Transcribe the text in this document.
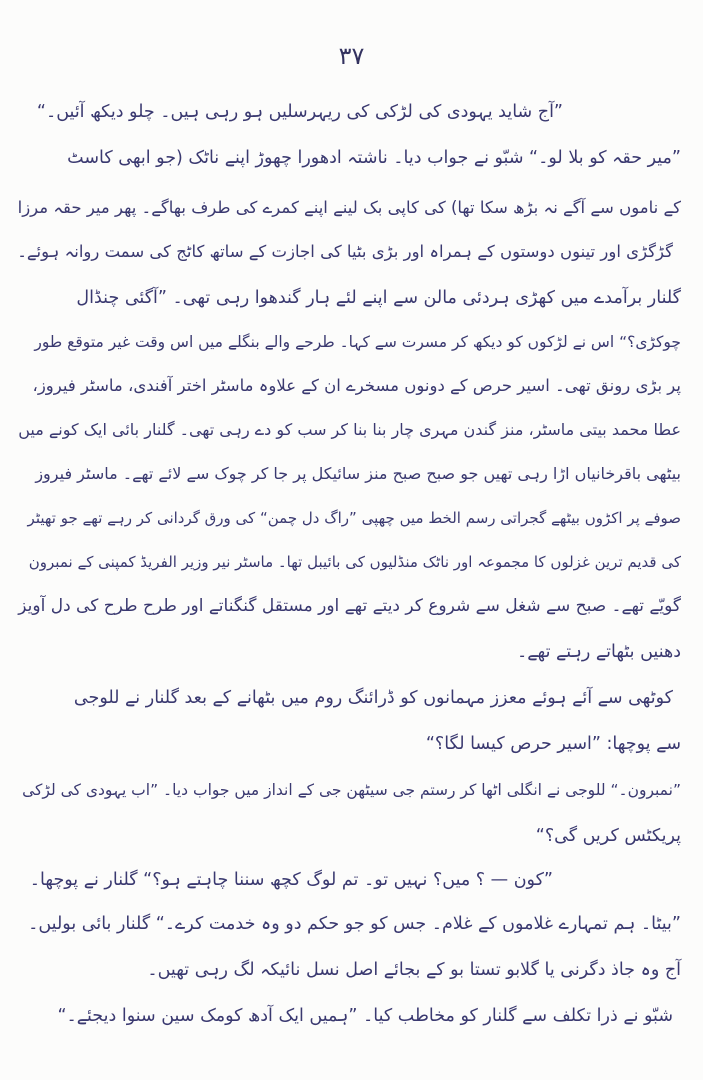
۳۷
”آج شاید یہودی کی لڑکی کی ریہرسلیں ہو رہی ہیں۔ چلو دیکھ آئیں۔“
”میر حقہ کو بلا لو۔“ شبّو نے جواب دیا۔ ناشتہ ادھورا چھوڑ اپنے ناٹک (جو ابھی کاسٹ
کے ناموں سے آگے نہ بڑھ سکا تھا) کی کاپی بک لینے اپنے کمرے کی طرف بھاگے۔ پھر میر حقہ مرزا
گڑگڑی اور تینوں دوستوں کے ہمراہ اور بڑی بٹیا کی اجازت کے ساتھ کاٹج کی سمت روانہ ہوئے۔
گلنار برآمدے میں کھڑی ہردئی مالن سے اپنے لئے ہار گندھوا رہی تھی۔ ”آگئی چنڈال
چوکڑی؟“ اس نے لڑکوں کو دیکھ کر مسرت سے کہا۔ طرحے والے بنگلے میں اس وقت غیر متوقع طور
پر بڑی رونق تھی۔ اسیر حرص کے دونوں مسخرے ان کے علاوہ ماسٹر اختر آفندی، ماسٹر فیروز،
عطا محمد بیتی ماسٹر، منز گندن مہری چار بنا بنا کر سب کو دے رہی تھی۔ گلنار بائی ایک کونے میں
بیٹھی باقرخانیاں اڑا رہی تھیں جو صبح صبح منز سائیکل پر جا کر چوک سے لائے تھے۔ ماسٹر فیروز
صوفے پر اکڑوں بیٹھے گجراتی رسم الخط میں چھپی ”راگ دل چمن“ کی ورق گردانی کر رہے تھے جو تھیٹر
کی قدیم ترین غزلوں کا مجموعہ اور ناٹک منڈلیوں کی بائیبل تھا۔ ماسٹر نیر وزیر الفریڈ کمپنی کے نمبرون
گویّے تھے۔ صبح سے شغل سے شروع کر دیتے تھے اور مستقل گنگناتے اور طرح طرح کی دل آویز
دھنیں بٹھاتے رہتے تھے۔
کوٹھی سے آئے ہوئے معزز مہمانوں کو ڈرائنگ روم میں بٹھانے کے بعد گلنار نے للوجی
سے پوچھا: ”اسیر حرص کیسا لگا؟“
”نمبرون۔“ للوجی نے انگلی اٹھا کر رستم جی سیٹھن جی کے انداز میں جواب دیا۔ ”اب یہودی کی لڑکی
پریکٹس کریں گی؟“
”کون — ؟ میں؟ نہیں تو۔ تم لوگ کچھ سننا چاہتے ہو؟“ گلنار نے پوچھا۔
”بیٹا۔ ہم تمہارے غلاموں کے غلام۔ جس کو جو حکم دو وہ خدمت کرے۔“ گلنار بائی بولیں۔
آج وہ جاذ دگرنی یا گلابو تستا بو کے بجائے اصل نسل نائیکہ لگ رہی تھیں۔
شبّو نے ذرا تکلف سے گلنار کو مخاطب کیا۔ ”ہمیں ایک آدھ کومک سین سنوا دیجئے۔“
